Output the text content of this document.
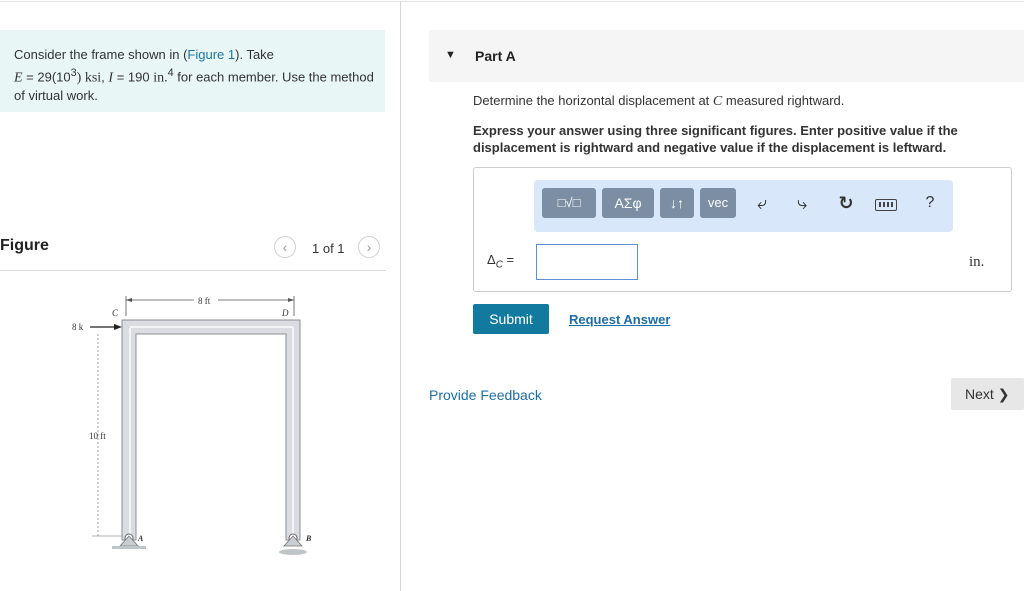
Consider the frame shown in (Figure 1). Take
$E = 29(10^3)$ ksi, I = 190 in.$^4$ for each member. Use the method of virtual work.
Figure	‹	1 of 1	›
8 ft
C	D
8 k
10 ft
A	B
▼ Part A
Determine the horizontal displacement at C measured rightward.
Express your answer using three significant figures. Enter positive value if the displacement is rightward and negative value if the displacement is leftward.
□√□	ΑΣφ	↓↑	vec	⤶ ⤷ ↻	?
$\Delta_C$ =	in.
Submit	Request Answer
Provide Feedback	Next ❯
